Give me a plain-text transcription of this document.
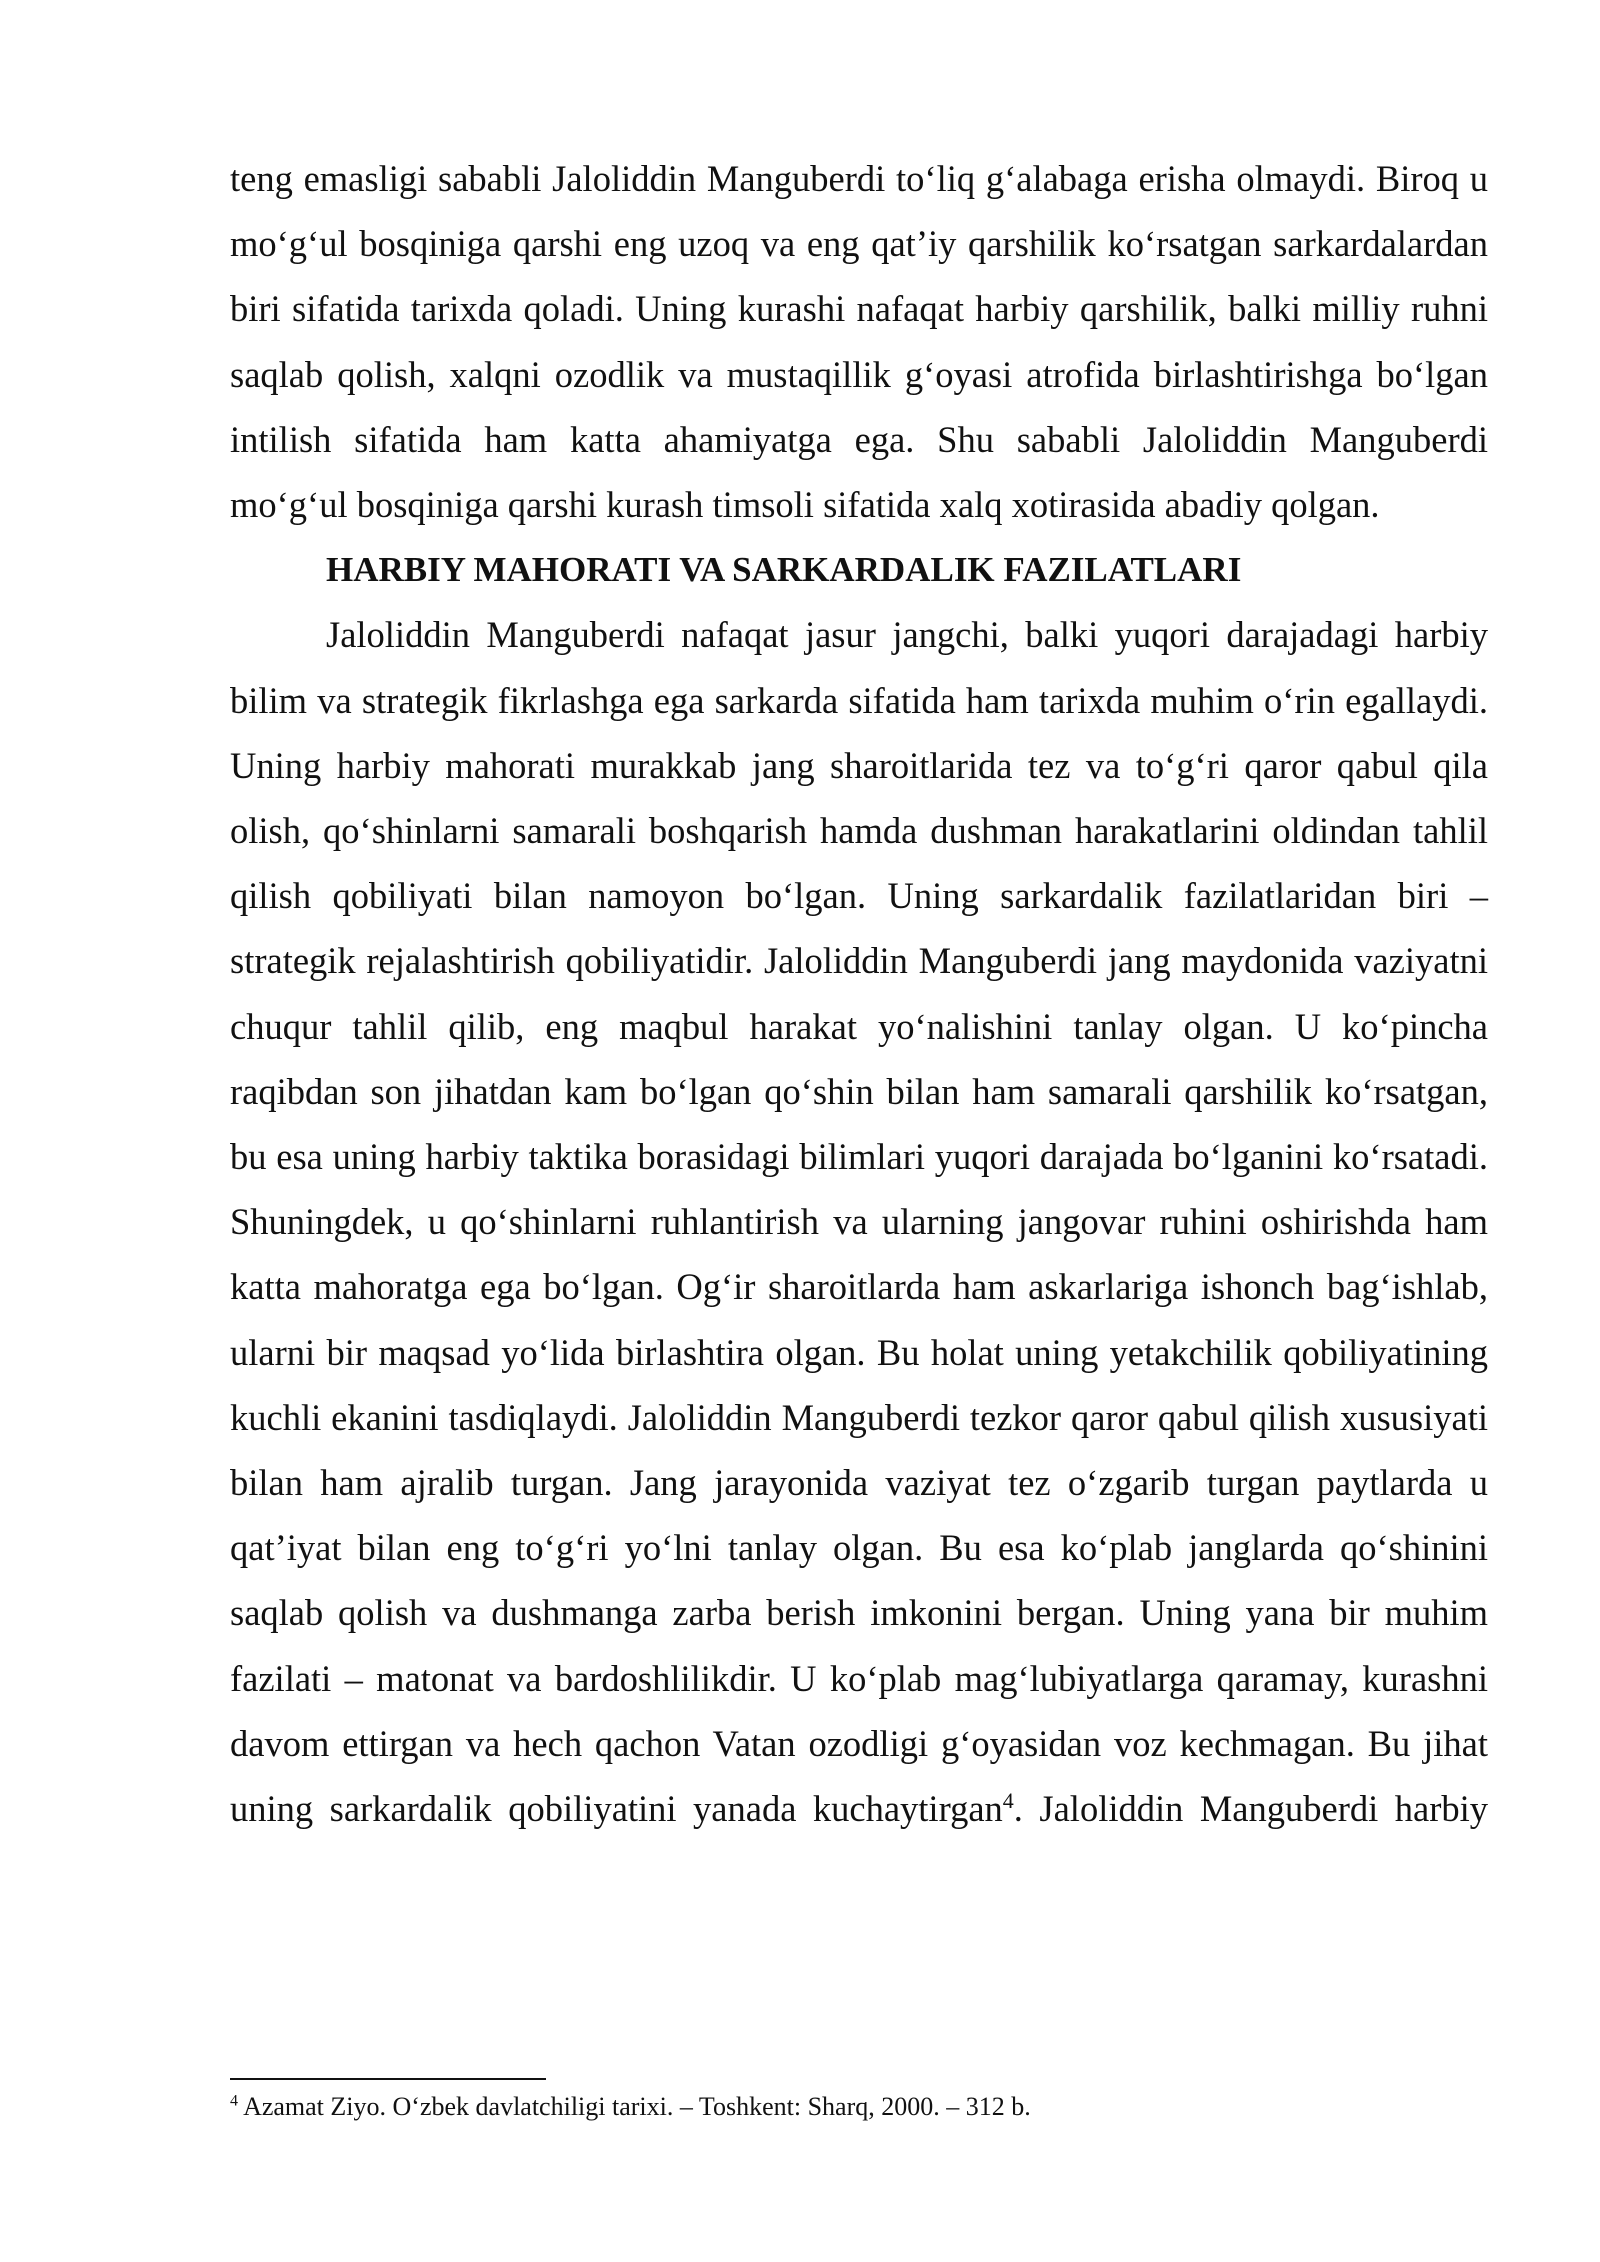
teng emasligi sababli Jaloliddin Manguberdi to‘liq g‘alabaga erisha olmaydi. Biroq u mo‘g‘ul bosqiniga qarshi eng uzoq va eng qat’iy qarshilik ko‘rsatgan sarkardalardan biri sifatida tarixda qoladi. Uning kurashi nafaqat harbiy qarshilik, balki milliy ruhni saqlab qolish, xalqni ozodlik va mustaqillik g‘oyasi atrofida birlashtirishga bo‘lgan intilish sifatida ham katta ahamiyatga ega. Shu sababli Jaloliddin Manguberdi mo‘g‘ul bosqiniga qarshi kurash timsoli sifatida xalq xotirasida abadiy qolgan.

HARBIY MAHORATI VA SARKARDALIK FAZILATLARI

Jaloliddin Manguberdi nafaqat jasur jangchi, balki yuqori darajadagi harbiy bilim va strategik fikrlashga ega sarkarda sifatida ham tarixda muhim o‘rin egallaydi. Uning harbiy mahorati murakkab jang sharoitlarida tez va to‘g‘ri qaror qabul qila olish, qo‘shinlarni samarali boshqarish hamda dushman harakatlarini oldindan tahlil qilish qobiliyati bilan namoyon bo‘lgan. Uning sarkardalik fazilatlaridan biri – strategik rejalashtirish qobiliyatidir. Jaloliddin Manguberdi jang maydonida vaziyatni chuqur tahlil qilib, eng maqbul harakat yo‘nalishini tanlay olgan. U ko‘pincha raqibdan son jihatdan kam bo‘lgan qo‘shin bilan ham samarali qarshilik ko‘rsatgan, bu esa uning harbiy taktika borasidagi bilimlari yuqori darajada bo‘lganini ko‘rsatadi. Shuningdek, u qo‘shinlarni ruhlantirish va ularning jangovar ruhini oshirishda ham katta mahoratga ega bo‘lgan. Og‘ir sharoitlarda ham askarlariga ishonch bag‘ishlab, ularni bir maqsad yo‘lida birlashtira olgan. Bu holat uning yetakchilik qobiliyatining kuchli ekanini tasdiqlaydi. Jaloliddin Manguberdi tezkor qaror qabul qilish xususiyati bilan ham ajralib turgan. Jang jarayonida vaziyat tez o‘zgarib turgan paytlarda u qat’iyat bilan eng to‘g‘ri yo‘lni tanlay olgan. Bu esa ko‘plab janglarda qo‘shinini saqlab qolish va dushmanga zarba berish imkonini bergan. Uning yana bir muhim fazilati – matonat va bardoshlilikdir. U ko‘plab mag‘lubiyatlarga qaramay, kurashni davom ettirgan va hech qachon Vatan ozodligi g‘oyasidan voz kechmagan. Bu jihat uning sarkardalik qobiliyatini yanada kuchaytirgan$^4$. Jaloliddin Manguberdi harbiy

$^4$ Azamat Ziyo. O‘zbek davlatchiligi tarixi. – Toshkent: Sharq, 2000. – 312 b.
